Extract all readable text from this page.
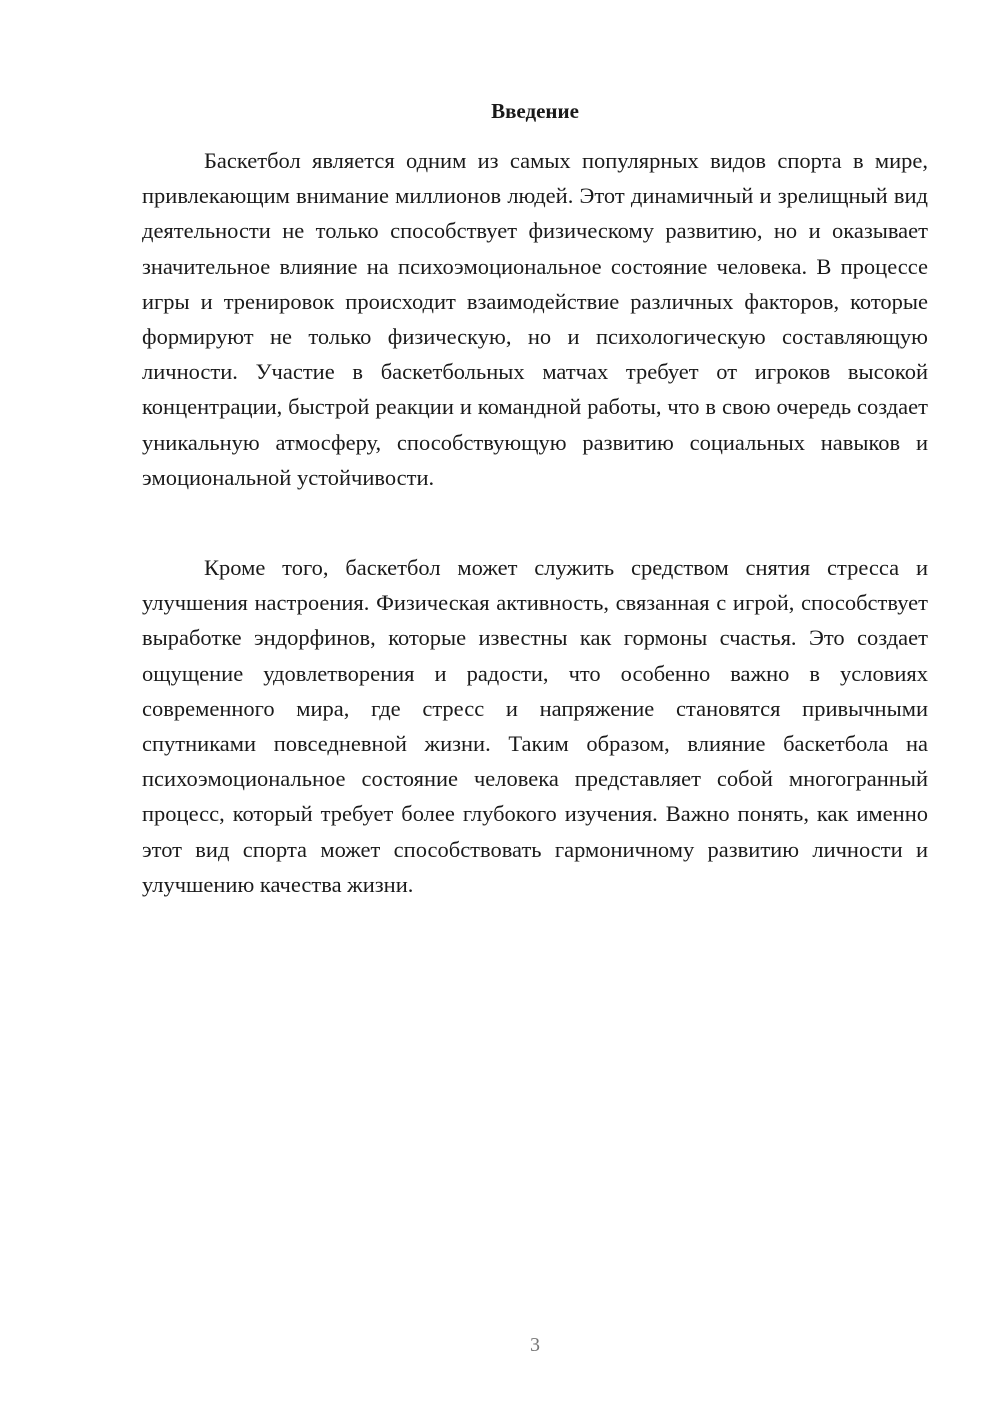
Введение

Баскетбол является одним из самых популярных видов спорта в мире, привлекающим внимание миллионов людей. Этот динамичный и зрелищный вид деятельности не только способствует физическому развитию, но и оказывает значительное влияние на психоэмоциональное состояние человека. В процессе игры и тренировок происходит взаимодействие различных факторов, которые формируют не только физическую, но и психологическую составляющую личности. Участие в баскетбольных матчах требует от игроков высокой концентрации, быстрой реакции и командной работы, что в свою очередь создает уникальную атмосферу, способствующую развитию социальных навыков и эмоциональной устойчивости.

Кроме того, баскетбол может служить средством снятия стресса и улучшения настроения. Физическая активность, связанная с игрой, способствует выработке эндорфинов, которые известны как гормоны счастья. Это создает ощущение удовлетворения и радости, что особенно важно в условиях современного мира, где стресс и напряжение становятся привычными спутниками повседневной жизни. Таким образом, влияние баскетбола на психоэмоциональное состояние человека представляет собой многогранный процесс, который требует более глубокого изучения. Важно понять, как именно этот вид спорта может способствовать гармоничному развитию личности и улучшению качества жизни.

3
